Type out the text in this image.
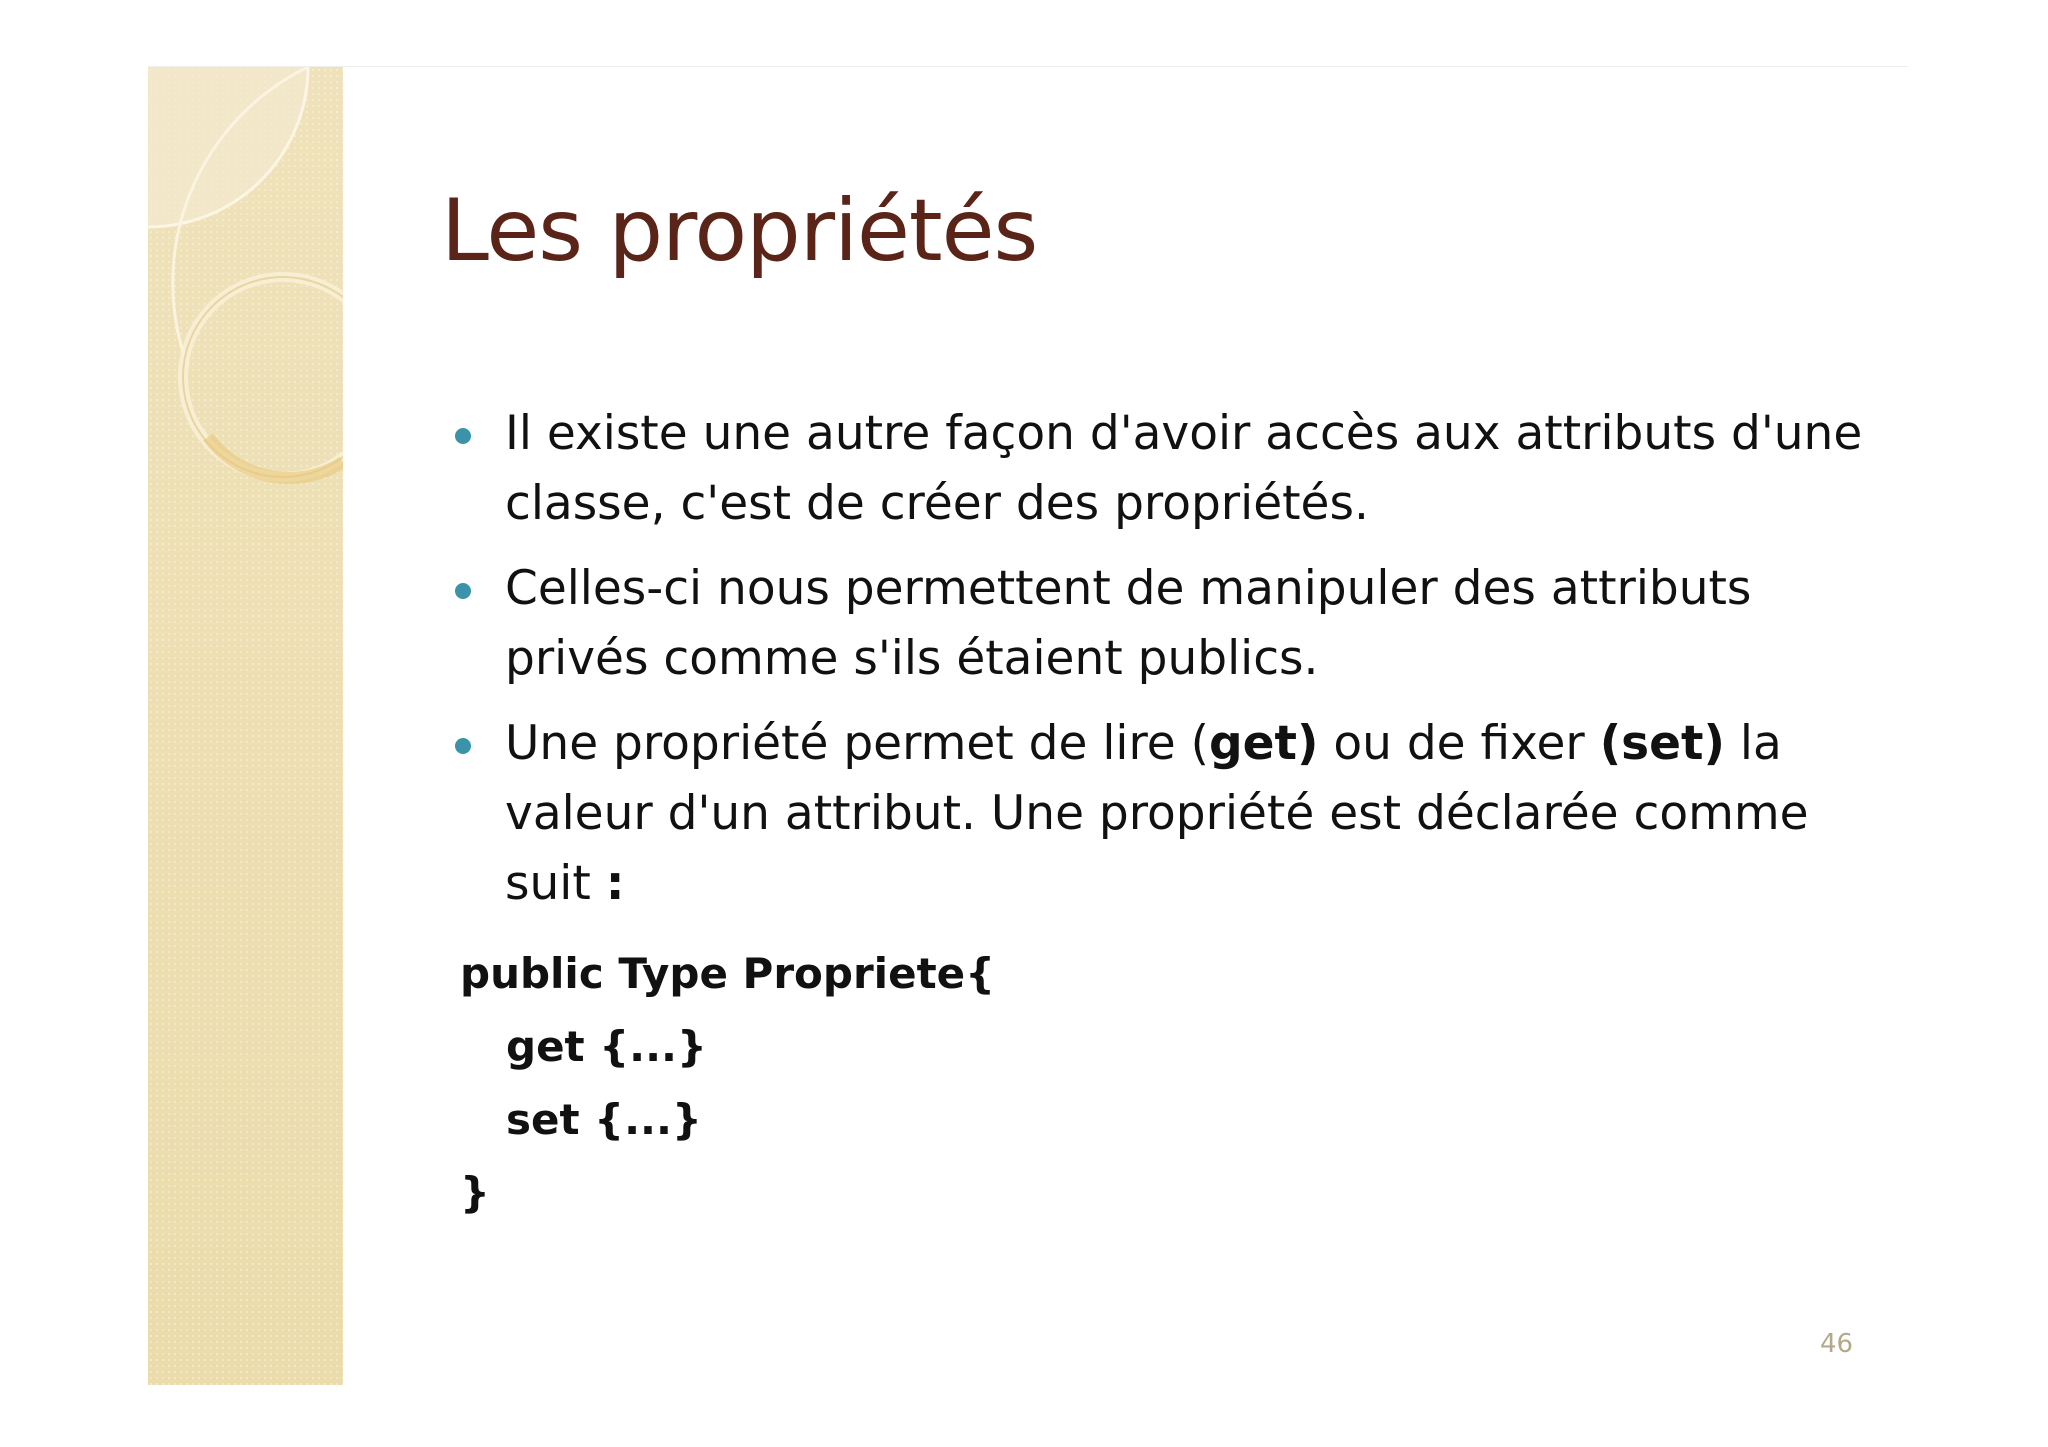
Les propriétés
Il existe une autre façon d'avoir accès aux attributs d'une classe, c'est de créer des propriétés.
Celles-ci nous permettent de manipuler des attributs privés comme s'ils étaient publics.
Une propriété permet de lire (get) ou de fixer (set) la valeur d'un attribut. Une propriété est déclarée comme suit :
public Type Propriete{
get {...}
set {...}
}
46
